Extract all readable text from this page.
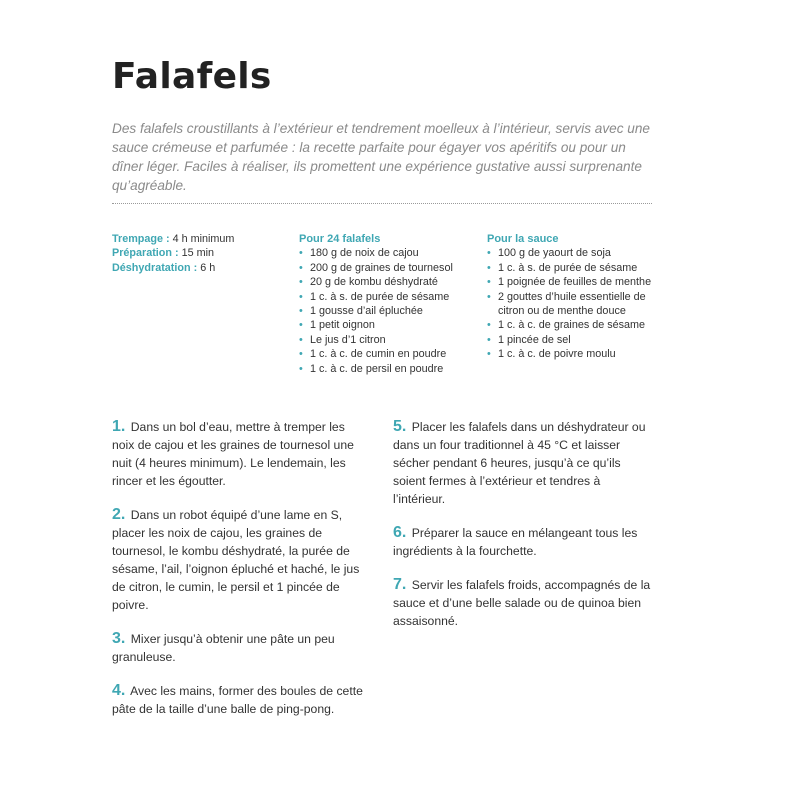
Falafels

Des falafels croustillants à l’extérieur et tendrement moelleux à l’intérieur, servis avec une sauce crémeuse et parfumée : la recette parfaite pour égayer vos apéritifs ou pour un dîner léger. Faciles à réaliser, ils promettent une expérience gustative aussi surprenante qu’agréable.

Trempage : 4 h minimum
Préparation : 15 min
Déshydratation : 6 h
Pour 24 falafels
• 180 g de noix de cajou
• 200 g de graines de tournesol
• 20 g de kombu déshydraté
• 1 c. à s. de purée de sésame
• 1 gousse d’ail épluchée
• 1 petit oignon
• Le jus d’1 citron
• 1 c. à c. de cumin en poudre
• 1 c. à c. de persil en poudre
Pour la sauce
• 100 g de yaourt de soja
• 1 c. à s. de purée de sésame
• 1 poignée de feuilles de menthe
• 2 gouttes d’huile essentielle de citron ou de menthe douce
• 1 c. à c. de graines de sésame
• 1 pincée de sel
• 1 c. à c. de poivre moulu

1. Dans un bol d’eau, mettre à tremper les noix de cajou et les graines de tournesol une nuit (4 heures minimum). Le lendemain, les rincer et les égoutter.

2. Dans un robot équipé d’une lame en S, placer les noix de cajou, les graines de tournesol, le kombu déshydraté, la purée de sésame, l’ail, l’oignon épluché et haché, le jus de citron, le cumin, le persil et 1 pincée de poivre.

3. Mixer jusqu’à obtenir une pâte un peu granuleuse.

4. Avec les mains, former des boules de cette pâte de la taille d’une balle de ping-pong.

5. Placer les falafels dans un déshydrateur ou dans un four traditionnel à 45 °C et laisser sécher pendant 6 heures, jusqu’à ce qu’ils soient fermes à l’extérieur et tendres à l’intérieur.

6. Préparer la sauce en mélangeant tous les ingrédients à la fourchette.

7. Servir les falafels froids, accompagnés de la sauce et d’une belle salade ou de quinoa bien assaisonné.
